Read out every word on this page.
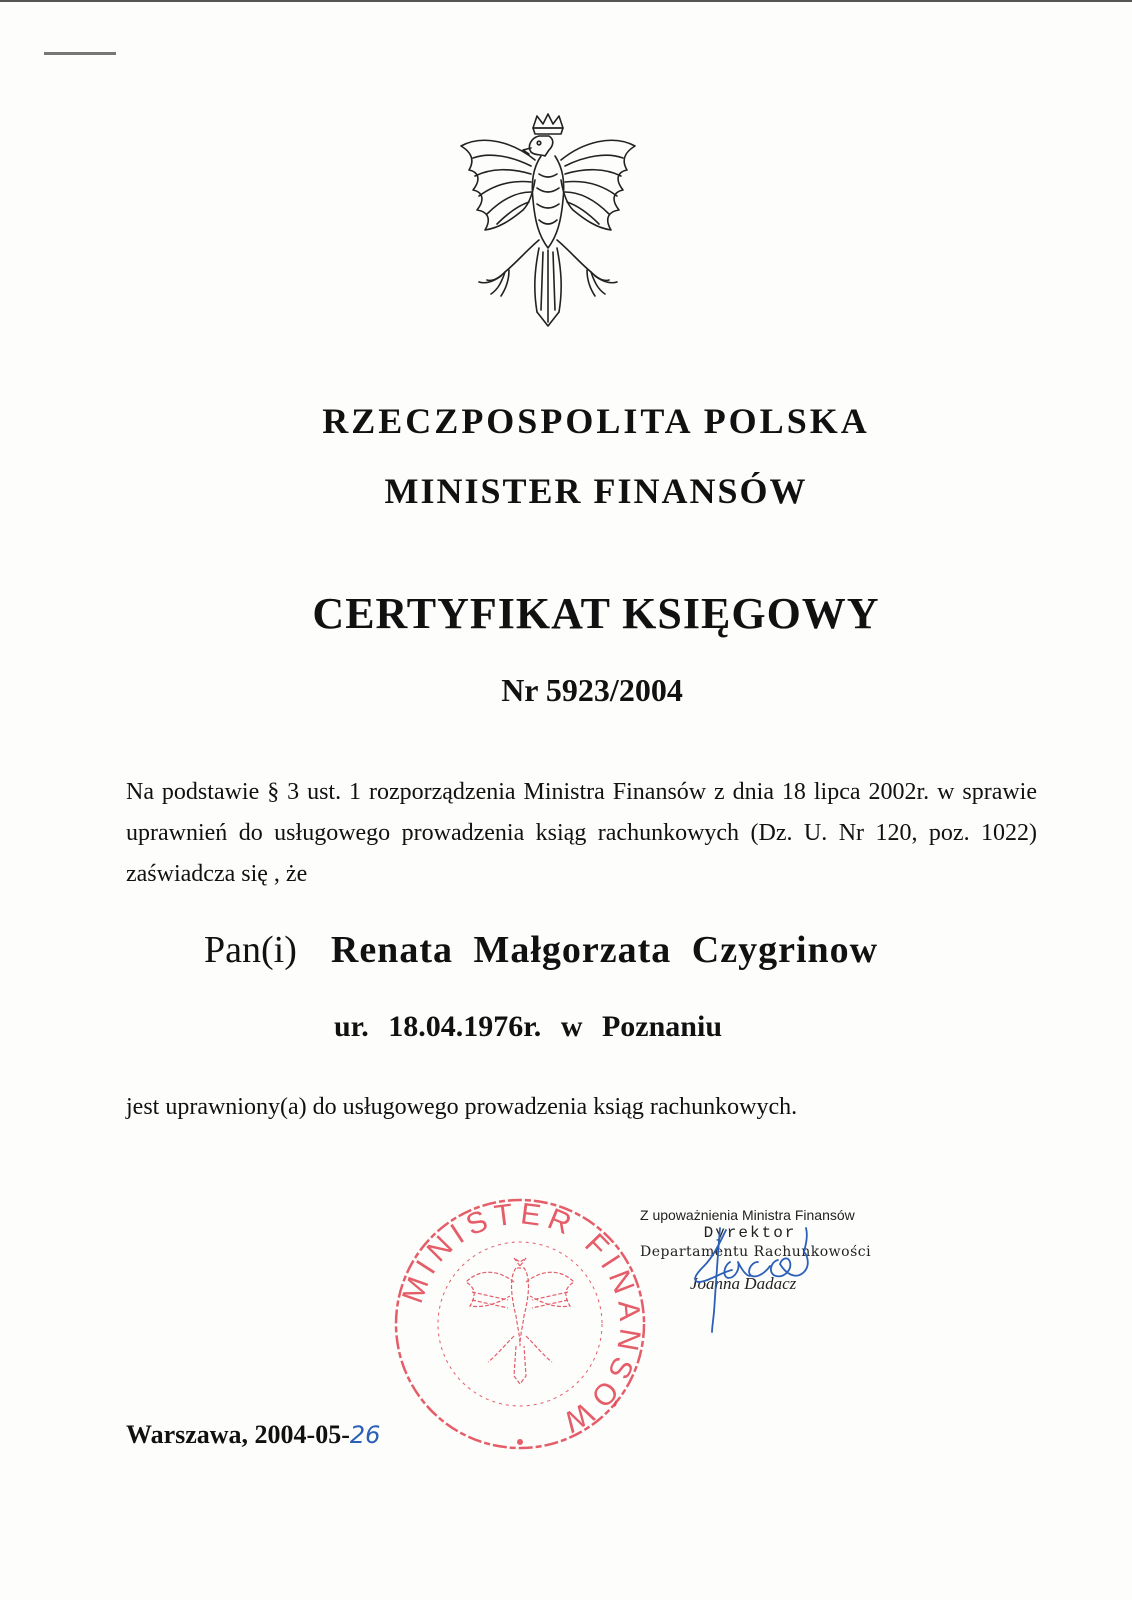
RZECZPOSPOLITA POLSKA
MINISTER FINANSÓW
CERTYFIKAT KSIĘGOWY
Nr 5923/2004
Na podstawie § 3 ust. 1 rozporządzenia Ministra Finansów z dnia 18 lipca 2002r. w sprawie uprawnień do usługowego prowadzenia ksiąg rachunkowych (Dz. U. Nr 120, poz. 1022) zaświadcza się , że
Pan(i) Renata Małgorzata Czygrinow
ur. 18.04.1976r. w Poznaniu
jest uprawniony(a) do usługowego prowadzenia ksiąg rachunkowych.
MINISTER FINANSÓW
Z upoważnienia Ministra Finansów
Dyrektor
Departamentu Rachunkowości
Joanna Dadacz
Warszawa, 2004-05-26
